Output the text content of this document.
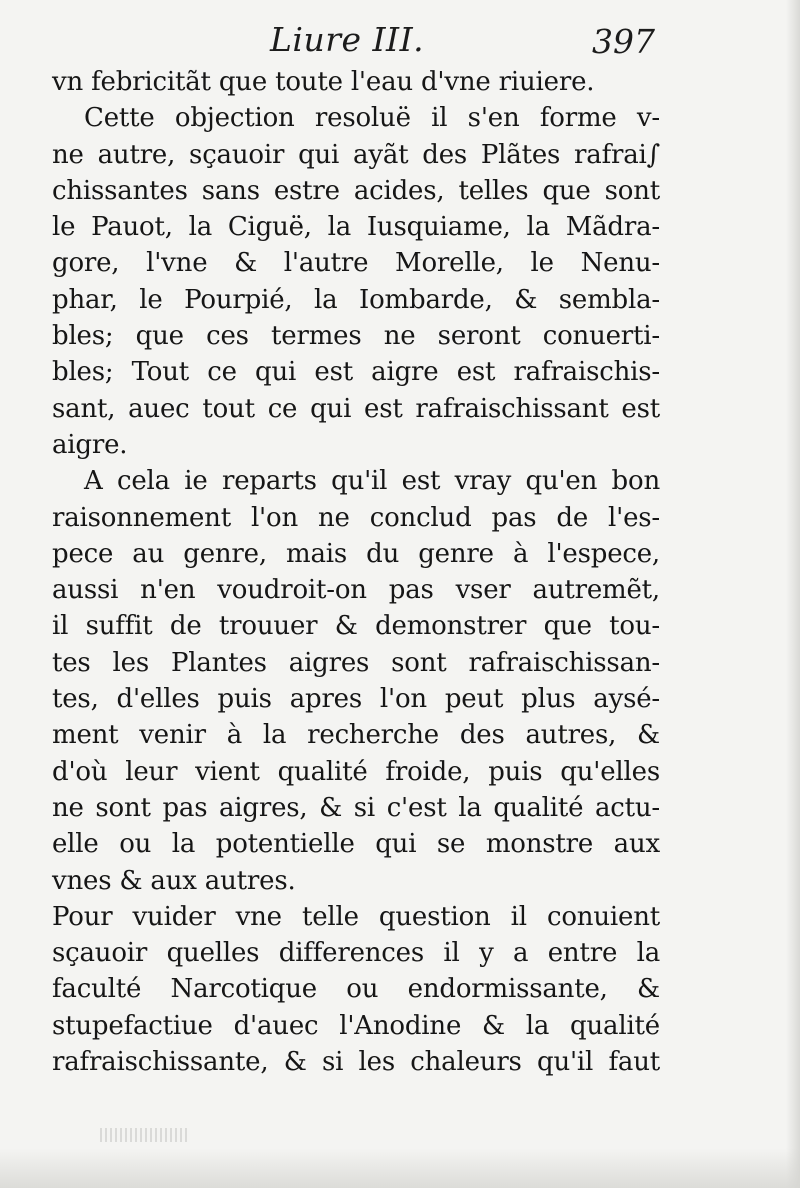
Liure III.	397
vn febricitãt que toute l'eau d'vne riuiere.
Cette objection resoluë il s'en forme v-
ne autre, sçauoir qui ayãt des Plãtes rafrai∫
chissantes sans estre acides, telles que sont
le Pauot, la Ciguë, la Iusquiame, la Mãdra-
gore, l'vne & l'autre Morelle, le Nenu-
phar, le Pourpié, la Iombarde, & sembla-
bles; que ces termes ne seront conuerti-
bles; Tout ce qui est aigre est rafraischis-
sant, auec tout ce qui est rafraischissant est
aigre.
A cela ie reparts qu'il est vray qu'en bon
raisonnement l'on ne conclud pas de l'es-
pece au genre, mais du genre à l'espece,
aussi n'en voudroit-on pas vser autremẽt,
il suffit de trouuer & demonstrer que tou-
tes les Plantes aigres sont rafraischissan-
tes, d'elles puis apres l'on peut plus aysé-
ment venir à la recherche des autres, &
d'où leur vient qualité froide, puis qu'elles
ne sont pas aigres, & si c'est la qualité actu-
elle ou la potentielle qui se monstre aux
vnes & aux autres.
Pour vuider vne telle question il conuient
sçauoir quelles differences il y a entre la
faculté Narcotique ou endormissante, &
stupefactiue d'auec l'Anodine & la qualité
rafraischissante, & si les chaleurs qu'il faut
